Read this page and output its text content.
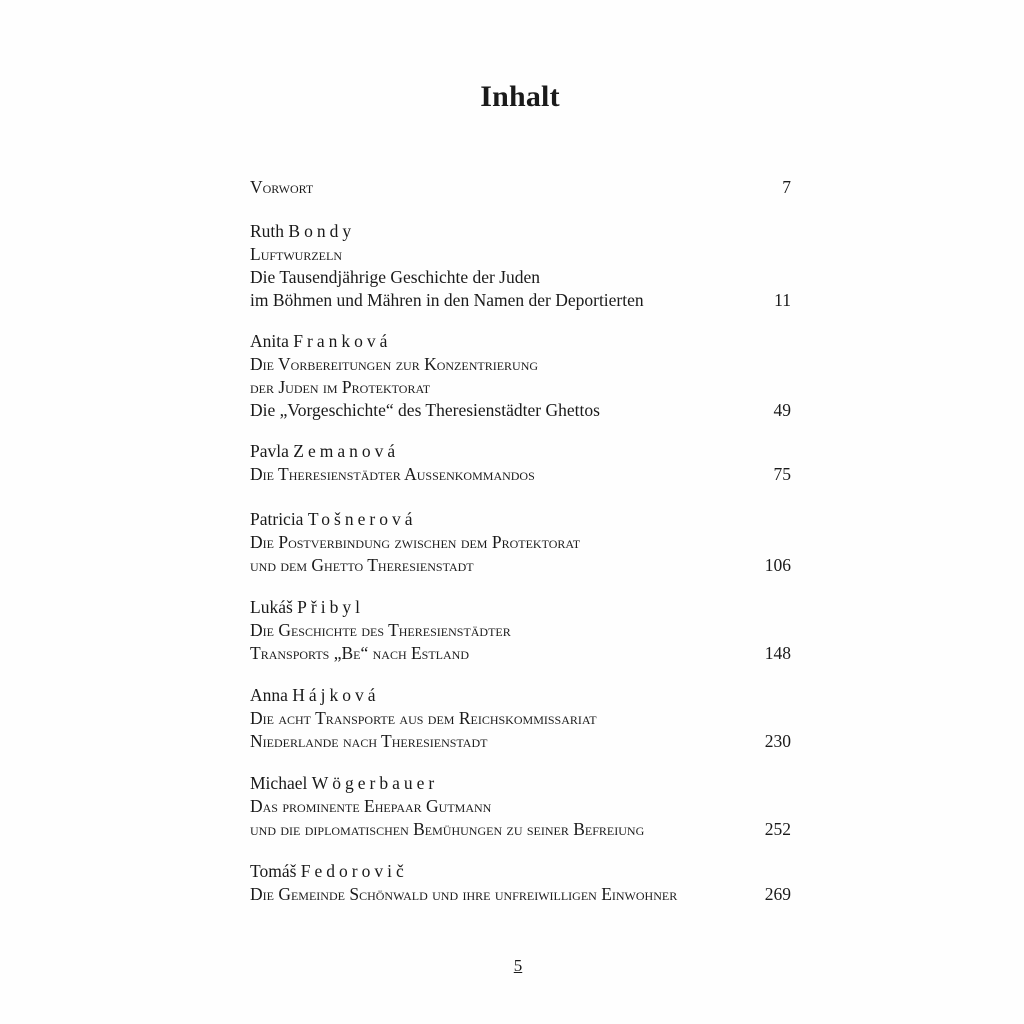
Inhalt
Vorwort	7
Ruth Bondy
Luftwurzeln
Die Tausendjährige Geschichte der Juden
im Böhmen und Mähren in den Namen der Deportierten	11
Anita Franková
Die Vorbereitungen zur Konzentrierung
der Juden im Protektorat
Die „Vorgeschichte“ des Theresienstädter Ghettos	49
Pavla Zemanová
Die Theresienstädter Außenkommandos	75
Patricia Tošnerová
Die Postverbindung zwischen dem Protektorat
und dem Ghetto Theresienstadt	106
Lukáš Přibyl
Die Geschichte des Theresienstädter
Transports „Be“ nach Estland	148
Anna Hájková
Die acht Transporte aus dem Reichskommissariat
Niederlande nach Theresienstadt	230
Michael Wögerbauer
Das prominente Ehepaar Gutmann
und die diplomatischen Bemühungen zu seiner Befreiung	252
Tomáš Fedorovič
Die Gemeinde Schönwald und ihre unfreiwilligen Einwohner	269
5
